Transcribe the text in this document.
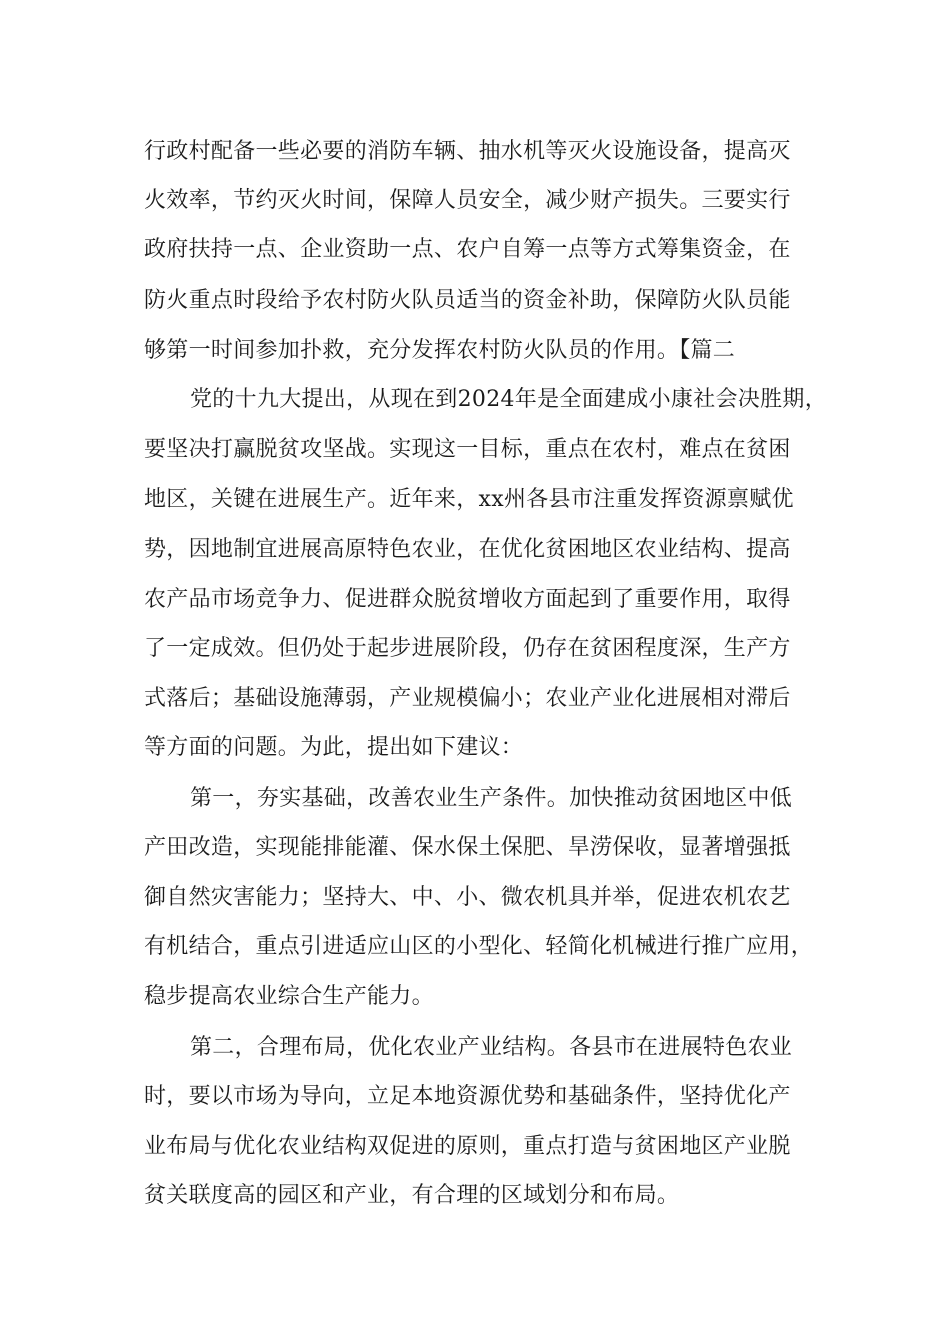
行政村配备一些必要的消防车辆、抽水机等灭火设施设备，提高灭
火效率，节约灭火时间，保障人员安全，减少财产损失。三要实行
政府扶持一点、企业资助一点、农户自筹一点等方式筹集资金，在
防火重点时段给予农村防火队员适当的资金补助，保障防火队员能
够第一时间参加扑救，充分发挥农村防火队员的作用。【篇二
党的十九大提出，从现在到2024年是全面建成小康社会决胜期，
要坚决打赢脱贫攻坚战。实现这一目标，重点在农村，难点在贫困
地区，关键在进展生产。近年来，xx州各县市注重发挥资源禀赋优
势，因地制宜进展高原特色农业，在优化贫困地区农业结构、提高
农产品市场竞争力、促进群众脱贫增收方面起到了重要作用，取得
了一定成效。但仍处于起步进展阶段，仍存在贫困程度深，生产方
式落后；基础设施薄弱，产业规模偏小；农业产业化进展相对滞后
等方面的问题。为此，提出如下建议：
第一，夯实基础，改善农业生产条件。加快推动贫困地区中低
产田改造，实现能排能灌、保水保土保肥、旱涝保收，显著增强抵
御自然灾害能力；坚持大、中、小、微农机具并举，促进农机农艺
有机结合，重点引进适应山区的小型化、轻简化机械进行推广应用，
稳步提高农业综合生产能力。
第二，合理布局，优化农业产业结构。各县市在进展特色农业
时，要以市场为导向，立足本地资源优势和基础条件，坚持优化产
业布局与优化农业结构双促进的原则，重点打造与贫困地区产业脱
贫关联度高的园区和产业，有合理的区域划分和布局。
